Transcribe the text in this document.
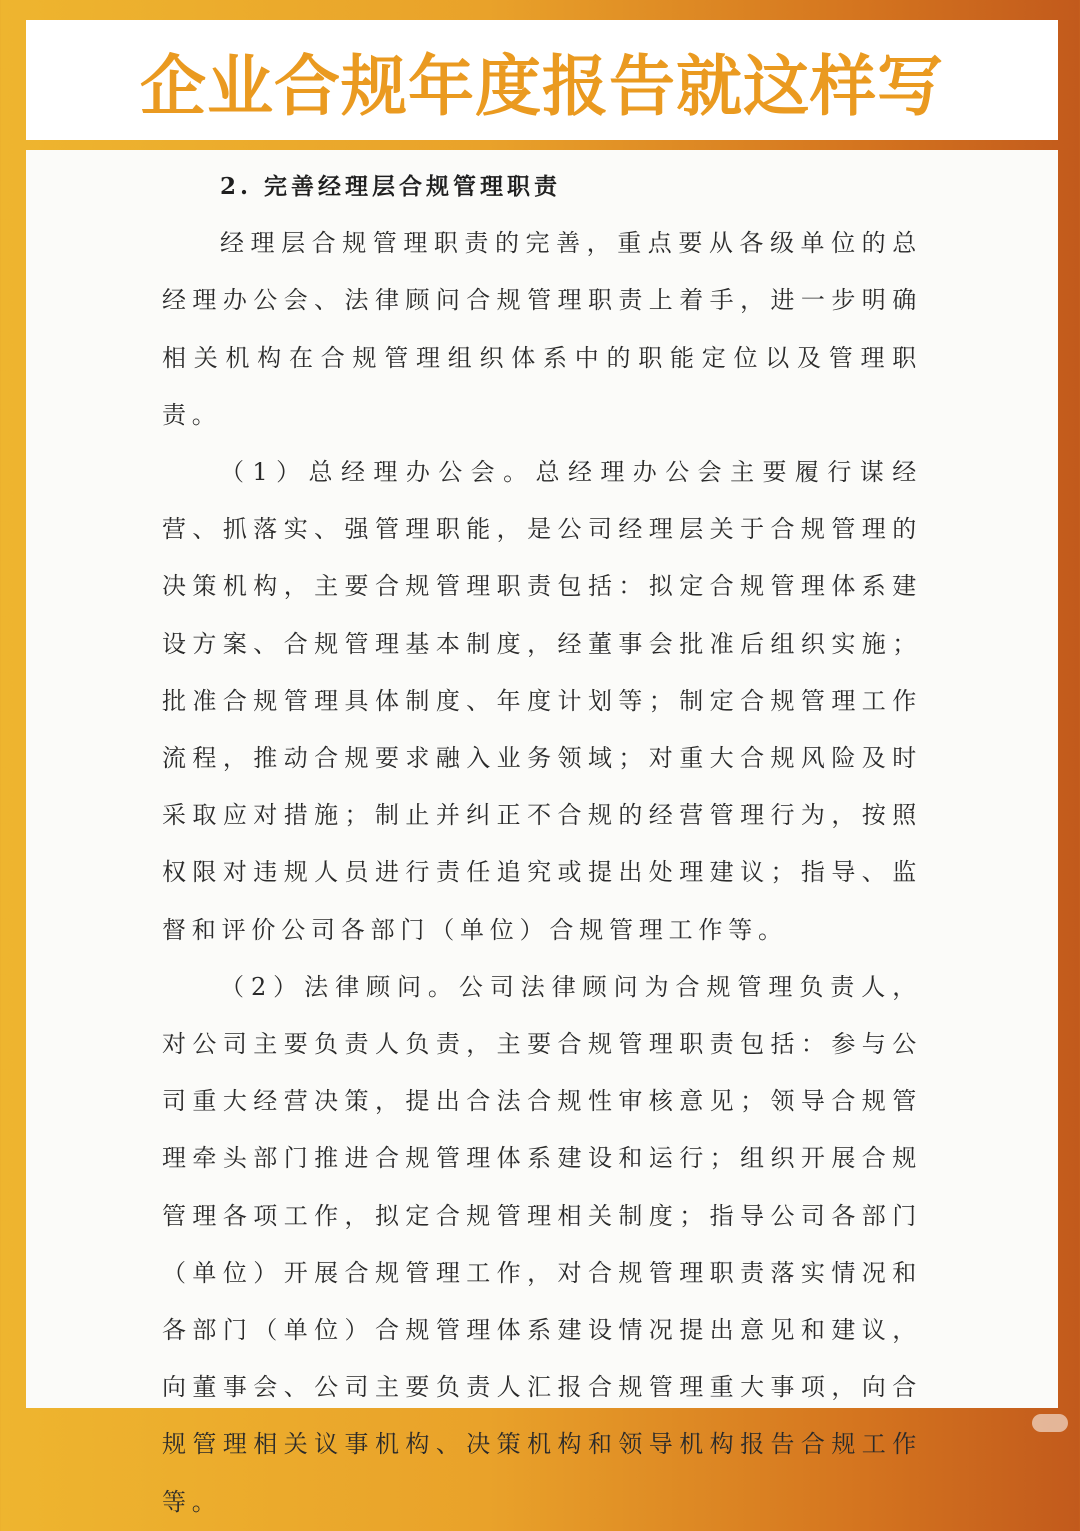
企业合规年度报告就这样写

2. 完善经理层合规管理职责

经理层合规管理职责的完善，重点要从各级单位的总经理办公会、法律顾问合规管理职责上着手，进一步明确相关机构在合规管理组织体系中的职能定位以及管理职责。

（1）总经理办公会。总经理办公会主要履行谋经营、抓落实、强管理职能，是公司经理层关于合规管理的决策机构，主要合规管理职责包括：拟定合规管理体系建设方案、合规管理基本制度，经董事会批准后组织实施；批准合规管理具体制度、年度计划等；制定合规管理工作流程，推动合规要求融入业务领域；对重大合规风险及时采取应对措施；制止并纠正不合规的经营管理行为，按照权限对违规人员进行责任追究或提出处理建议；指导、监督和评价公司各部门（单位）合规管理工作等。

（2）法律顾问。公司法律顾问为合规管理负责人，对公司主要负责人负责，主要合规管理职责包括：参与公司重大经营决策，提出合法合规性审核意见；领导合规管理牵头部门推进合规管理体系建设和运行；组织开展合规管理各项工作，拟定合规管理相关制度；指导公司各部门（单位）开展合规管理工作，对合规管理职责落实情况和各部门（单位）合规管理体系建设情况提出意见和建议，向董事会、公司主要负责人汇报合规管理重大事项，向合规管理相关议事机构、决策机构和领导机构报告合规工作等。
